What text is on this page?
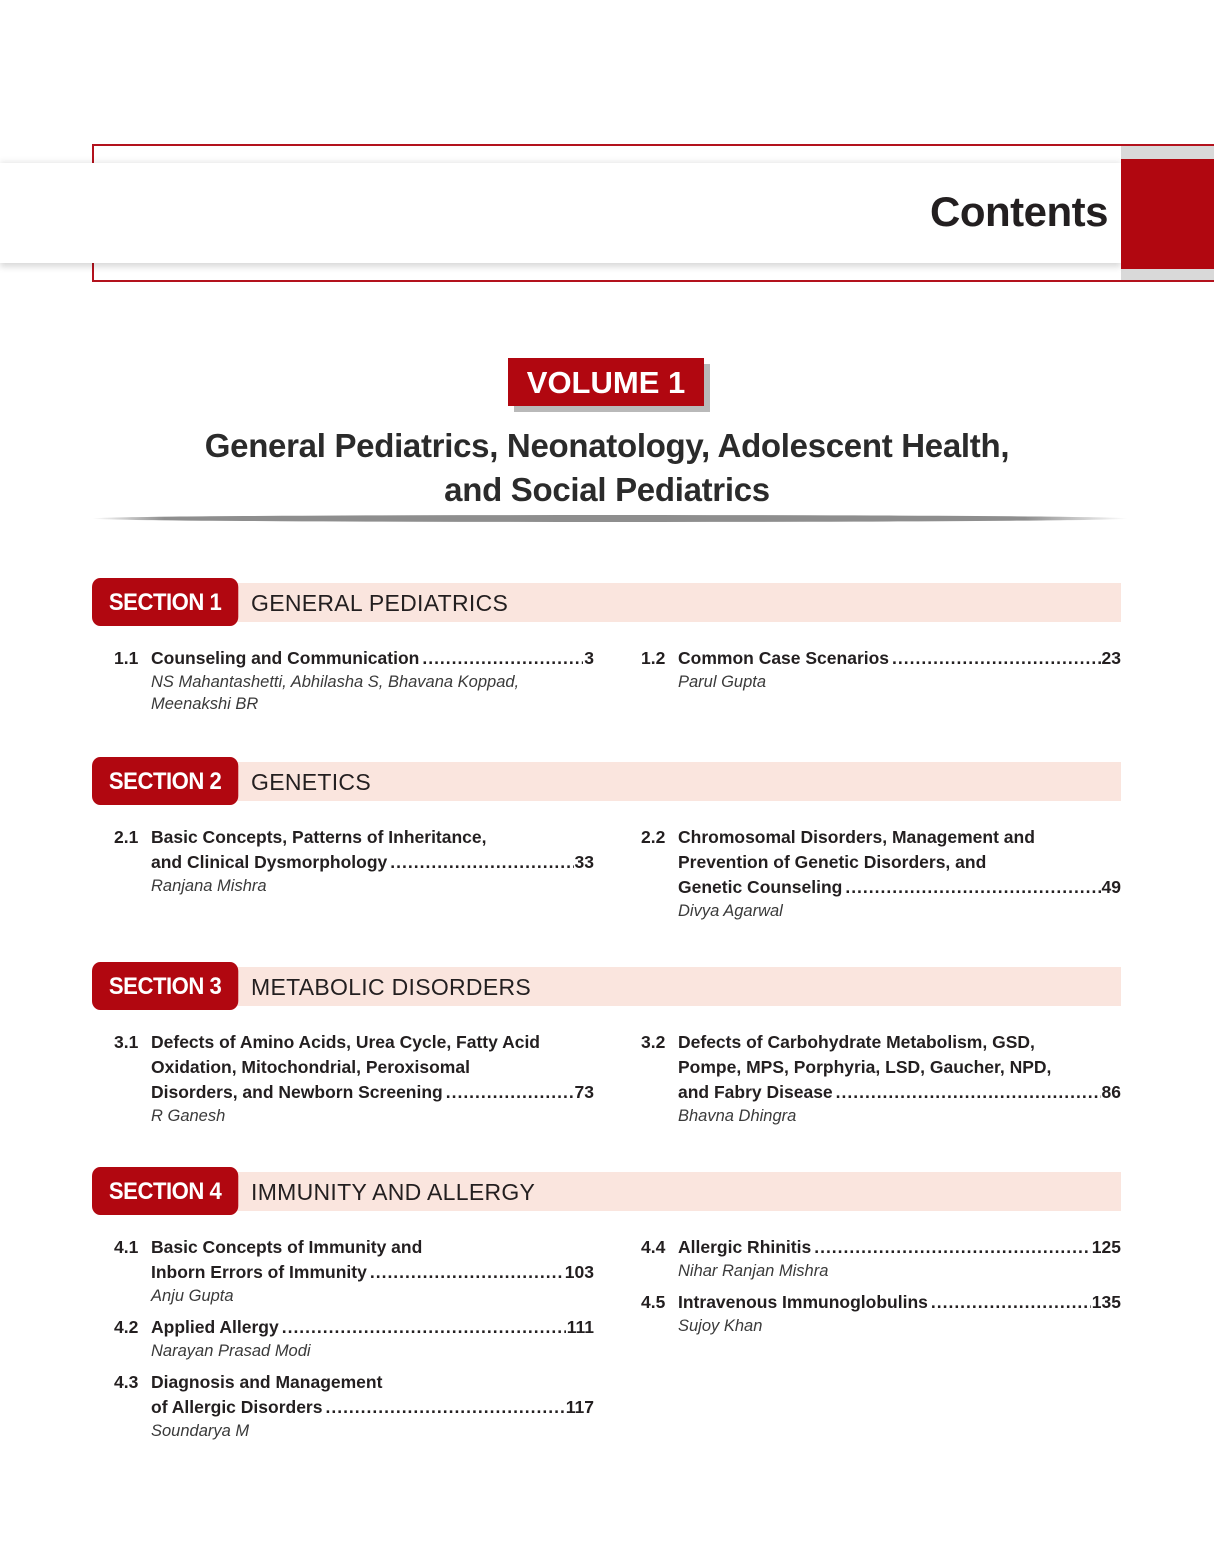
Contents
VOLUME 1
General Pediatrics, Neonatology, Adolescent Health,
and Social Pediatrics
SECTION 1	GENERAL PEDIATRICS
1.1 Counseling and Communication .....	3
NS Mahantashetti, Abhilasha S, Bhavana Koppad,
Meenakshi BR
1.2 Common Case Scenarios .....	23
Parul Gupta
SECTION 2	GENETICS
2.1 Basic Concepts, Patterns of Inheritance,
and Clinical Dysmorphology .....	33
Ranjana Mishra
2.2 Chromosomal Disorders, Management and
Prevention of Genetic Disorders, and
Genetic Counseling .....	49
Divya Agarwal
SECTION 3	METABOLIC DISORDERS
3.1 Defects of Amino Acids, Urea Cycle, Fatty Acid
Oxidation, Mitochondrial, Peroxisomal
Disorders, and Newborn Screening .....	73
R Ganesh
3.2 Defects of Carbohydrate Metabolism, GSD,
Pompe, MPS, Porphyria, LSD, Gaucher, NPD,
and Fabry Disease .....	86
Bhavna Dhingra
SECTION 4	IMMUNITY AND ALLERGY
4.1 Basic Concepts of Immunity and
Inborn Errors of Immunity .....	103
Anju Gupta
4.2 Applied Allergy .....	111
Narayan Prasad Modi
4.3 Diagnosis and Management
of Allergic Disorders .....	117
Soundarya M
4.4 Allergic Rhinitis .....	125
Nihar Ranjan Mishra
4.5 Intravenous Immunoglobulins .....	135
Sujoy Khan
